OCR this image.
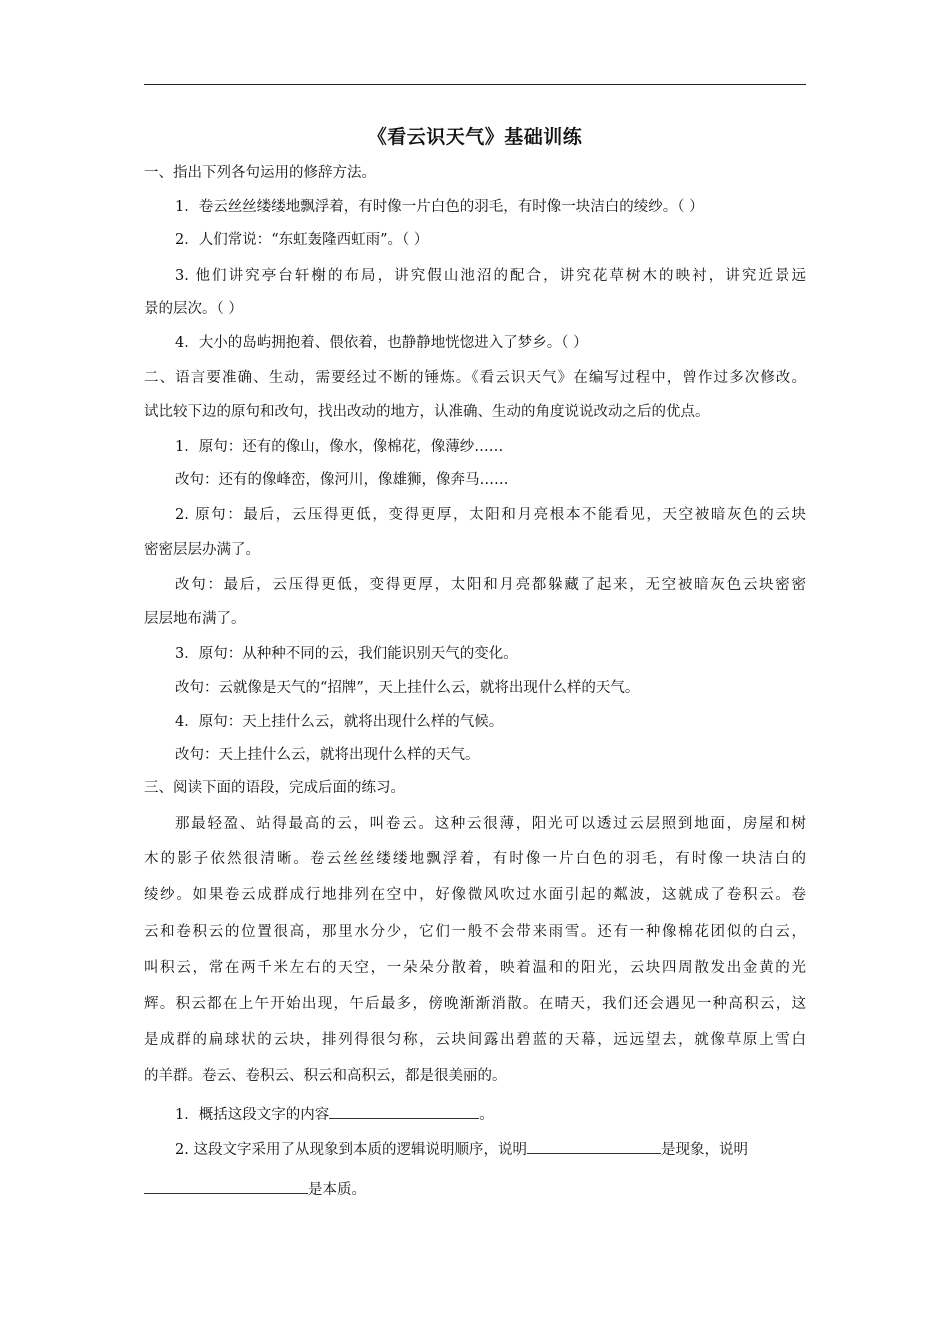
《看云识天气》基础训练
一、指出下列各句运用的修辞方法。
1．卷云丝丝缕缕地飘浮着，有时像一片白色的羽毛，有时像一块洁白的绫纱。（ ）
2．人们常说：“东虹轰隆西虹雨”。（ ）
3. 他们讲究亭台轩榭的布局，讲究假山池沼的配合，讲究花草树木的映衬，讲究近景远
景的层次。（ ）
4．大小的岛屿拥抱着、偎依着，也静静地恍惚进入了梦乡。（ ）
二、语言要准确、生动，需要经过不断的锤炼。《看云识天气》在编写过程中，曾作过多次修改。
试比较下边的原句和改句，找出改动的地方，认准确、生动的角度说说改动之后的优点。
1．原句：还有的像山，像水，像棉花，像薄纱……
改句：还有的像峰峦，像河川，像雄狮，像奔马……
2. 原句：最后，云压得更低，变得更厚，太阳和月亮根本不能看见，天空被暗灰色的云块
密密层层办满了。
改句：最后，云压得更低，变得更厚，太阳和月亮都躲藏了起来，无空被暗灰色云块密密
层层地布满了。
3．原句：从种种不同的云，我们能识别天气的变化。
改句：云就像是天气的“招牌”，天上挂什么云，就将出现什么样的天气。
4．原句：天上挂什么云，就将出现什么样的气候。
改句：天上挂什么云，就将出现什么样的天气。
三、阅读下面的语段，完成后面的练习。
那最轻盈、站得最高的云，叫卷云。这种云很薄，阳光可以透过云层照到地面，房屋和树
木的影子依然很清晰。卷云丝丝缕缕地飘浮着，有时像一片白色的羽毛，有时像一块洁白的
绫纱。如果卷云成群成行地排列在空中，好像微风吹过水面引起的粼波，这就成了卷积云。卷
云和卷积云的位置很高，那里水分少，它们一般不会带来雨雪。还有一种像棉花团似的白云，
叫积云，常在两千米左右的天空，一朵朵分散着，映着温和的阳光，云块四周散发出金黄的光
辉。积云都在上午开始出现，午后最多，傍晚渐渐消散。在晴天，我们还会遇见一种高积云，这
是成群的扁球状的云块，排列得很匀称，云块间露出碧蓝的天幕，远远望去，就像草原上雪白
的羊群。卷云、卷积云、积云和高积云，都是很美丽的。
1．概括这段文字的内容	。
2. 这段文字采用了从现象到本质的逻辑说明顺序，说明	是现象，说明
是本质。
